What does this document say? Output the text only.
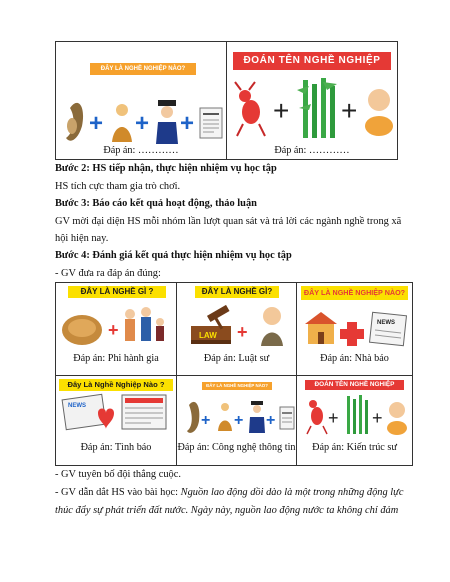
ĐÂY LÀ NGHỀ NGHIỆP NÀO?
+ + +
Đáp án: …………
ĐOÁN TÊN NGHỀ NGHIỆP
+ +
Đáp án: …………
Bước 2: HS tiếp nhận, thực hiện nhiệm vụ học tập
HS tích cực tham gia trò chơi.
Bước 3: Báo cáo kết quả hoạt động, thảo luận
GV mời đại diện HS mỗi nhóm lần lượt quan sát và trả lời các ngành nghề trong xã
hội hiện nay.
Bước 4: Đánh giá kết quả thực hiện nhiệm vụ học tập
- GV đưa ra đáp án đúng:
ĐÂY LÀ NGHỀ GÌ ?
+
Đáp án: Phi hành gia
ĐÂY LÀ NGHỀ GÌ?
LAW +
Đáp án: Luật sư
ĐÂY LÀ NGHỀ NGHIỆP NÀO?
NEWS
Đáp án: Nhà báo
Đây Là Nghề Nghiệp Nào ?
NEWS
Đáp án: Tình báo
ĐÂY LÀ NGHỀ NGHIỆP NÀO?
+ + +
Đáp án: Công nghệ thông tin
ĐOÁN TÊN NGHỀ NGHIỆP
+ +
Đáp án: Kiến trúc sư
- GV tuyên bố đội thắng cuộc.
- GV dẫn dắt HS vào bài học: Nguồn lao động dồi dào là một trong những động lực
thúc đẩy sự phát triển đất nước. Ngày này, nguồn lao động nước ta không chỉ đảm
